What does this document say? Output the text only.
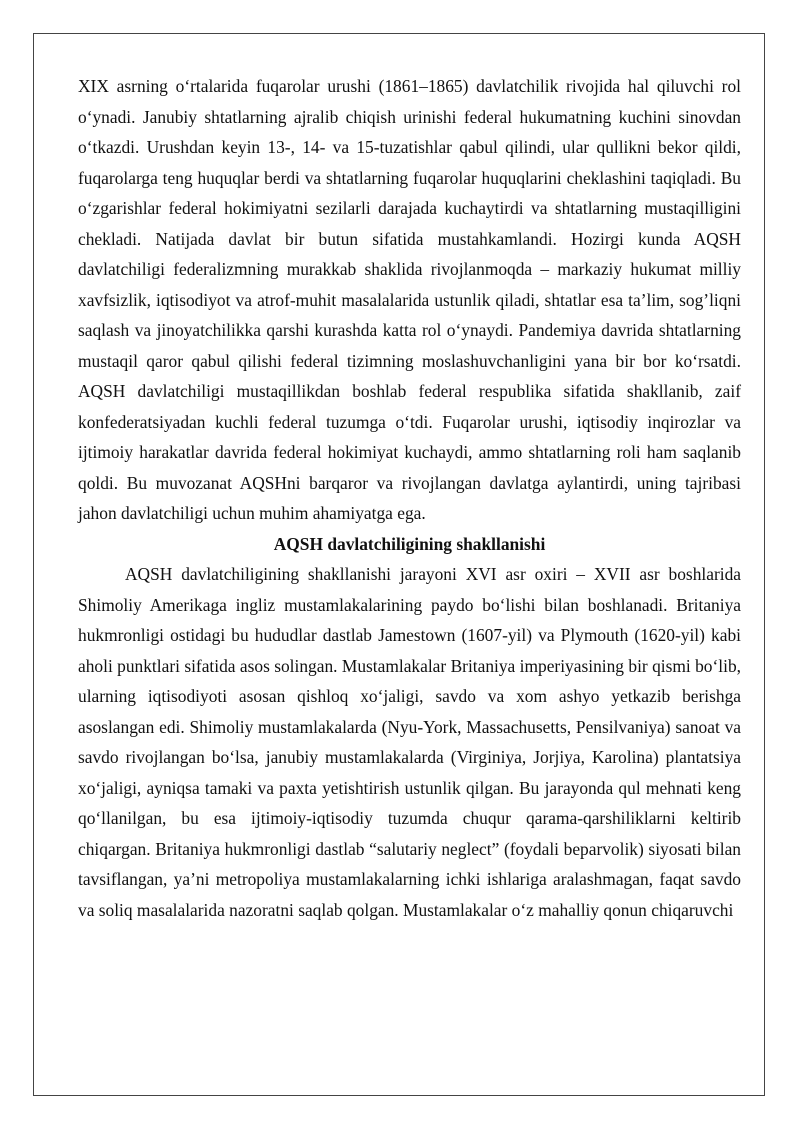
XIX asrning o‘rtalarida fuqarolar urushi (1861–1865) davlatchilik rivojida hal qiluvchi rol o‘ynadi. Janubiy shtatlarning ajralib chiqish urinishi federal hukumatning kuchini sinovdan o‘tkazdi. Urushdan keyin 13-, 14- va 15-tuzatishlar qabul qilindi, ular qullikni bekor qildi, fuqarolarga teng huquqlar berdi va shtatlarning fuqarolar huquqlarini cheklashini taqiqladi. Bu o‘zgarishlar federal hokimiyatni sezilarli darajada kuchaytirdi va shtatlarning mustaqilligini chekladi. Natijada davlat bir butun sifatida mustahkamlandi. Hozirgi kunda AQSH davlatchiligi federalizmning murakkab shaklida rivojlanmoqda – markaziy hukumat milliy xavfsizlik, iqtisodiyot va atrof-muhit masalalarida ustunlik qiladi, shtatlar esa ta’lim, sog’liqni saqlash va jinoyatchilikka qarshi kurashda katta rol o‘ynaydi. Pandemiya davrida shtatlarning mustaqil qaror qabul qilishi federal tizimning moslashuvchanligini yana bir bor ko‘rsatdi. AQSH davlatchiligi mustaqillikdan boshlab federal respublika sifatida shakllanib, zaif konfederatsiyadan kuchli federal tuzumga o‘tdi. Fuqarolar urushi, iqtisodiy inqirozlar va ijtimoiy harakatlar davrida federal hokimiyat kuchaydi, ammo shtatlarning roli ham saqlanib qoldi. Bu muvozanat AQSHni barqaror va rivojlangan davlatga aylantirdi, uning tajribasi jahon davlatchiligi uchun muhim ahamiyatga ega.

AQSH davlatchiligining shakllanishi

AQSH davlatchiligining shakllanishi jarayoni XVI asr oxiri – XVII asr boshlarida Shimoliy Amerikaga ingliz mustamlakalarining paydo bo‘lishi bilan boshlanadi. Britaniya hukmronligi ostidagi bu hududlar dastlab Jamestown (1607-yil) va Plymouth (1620-yil) kabi aholi punktlari sifatida asos solingan. Mustamlakalar Britaniya imperiyasining bir qismi bo‘lib, ularning iqtisodiyoti asosan qishloq xo‘jaligi, savdo va xom ashyo yetkazib berishga asoslangan edi. Shimoliy mustamlakalarda (Nyu-York, Massachusetts, Pensilvaniya) sanoat va savdo rivojlangan bo‘lsa, janubiy mustamlakalarda (Virginiya, Jorjiya, Karolina) plantatsiya xo‘jaligi, ayniqsa tamaki va paxta yetishtirish ustunlik qilgan. Bu jarayonda qul mehnati keng qo‘llanilgan, bu esa ijtimoiy-iqtisodiy tuzumda chuqur qarama-qarshiliklarni keltirib chiqargan. Britaniya hukmronligi dastlab “salutariy neglect” (foydali beparvolik) siyosati bilan tavsiflangan, ya’ni metropoliya mustamlakalarning ichki ishlariga aralashmagan, faqat savdo va soliq masalalarida nazoratni saqlab qolgan. Mustamlakalar o‘z mahalliy qonun chiqaruvchi
